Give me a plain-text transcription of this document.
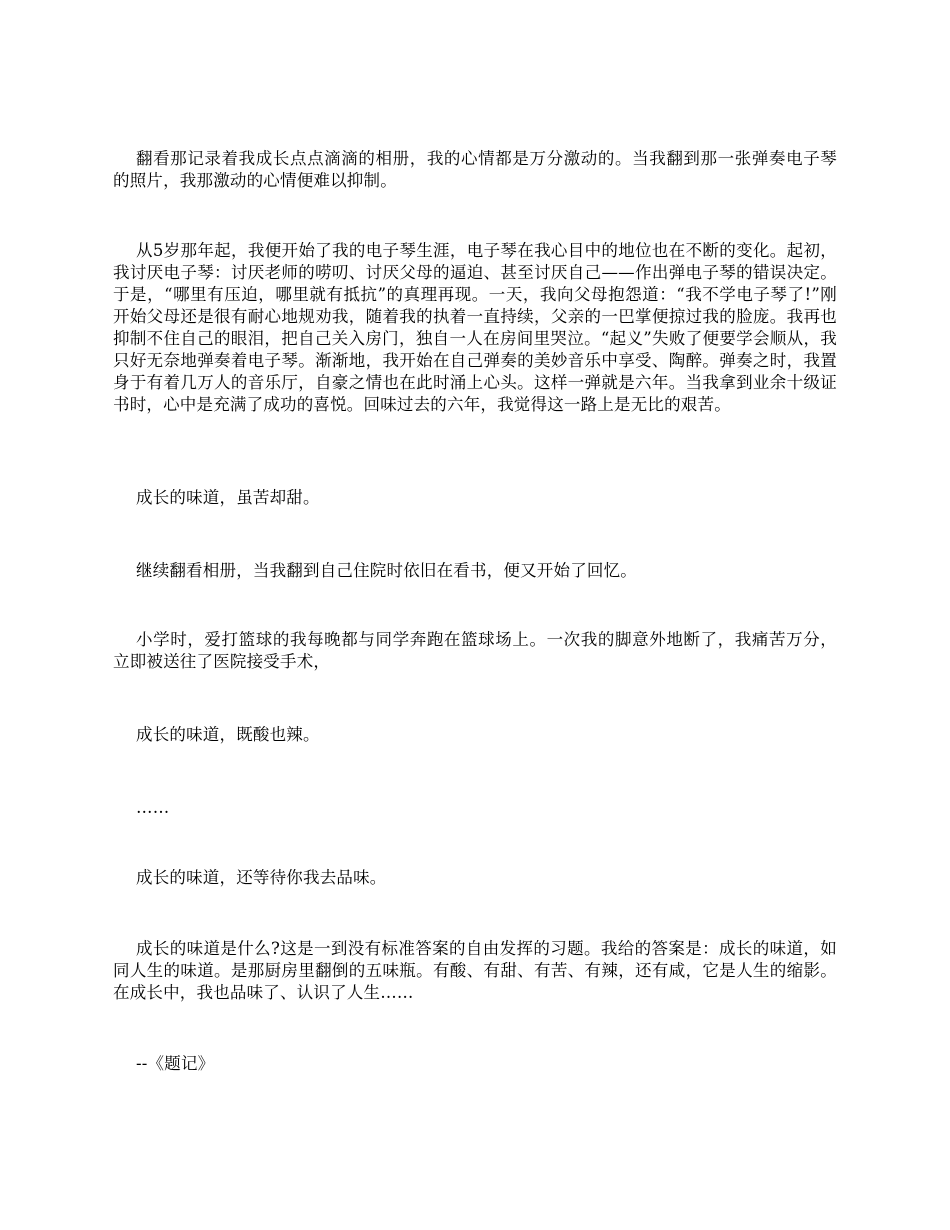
翻看那记录着我成长点点滴滴的相册，我的心情都是万分激动的。当我翻到那一张弹奏电子琴的照片，我那激动的心情便难以抑制。

从5岁那年起，我便开始了我的电子琴生涯，电子琴在我心目中的地位也在不断的变化。起初，我讨厌电子琴：讨厌老师的唠叨、讨厌父母的逼迫、甚至讨厌自己——作出弹电子琴的错误决定。于是，“哪里有压迫，哪里就有抵抗”的真理再现。一天，我向父母抱怨道：“我不学电子琴了!”刚开始父母还是很有耐心地规劝我，随着我的执着一直持续，父亲的一巴掌便掠过我的脸庞。我再也抑制不住自己的眼泪，把自己关入房门，独自一人在房间里哭泣。“起义”失败了便要学会顺从，我只好无奈地弹奏着电子琴。渐渐地，我开始在自己弹奏的美妙音乐中享受、陶醉。弹奏之时，我置身于有着几万人的音乐厅，自豪之情也在此时涌上心头。这样一弹就是六年。当我拿到业余十级证书时，心中是充满了成功的喜悦。回味过去的六年，我觉得这一路上是无比的艰苦。

成长的味道，虽苦却甜。

继续翻看相册，当我翻到自己住院时依旧在看书，便又开始了回忆。

小学时，爱打篮球的我每晚都与同学奔跑在篮球场上。一次我的脚意外地断了，我痛苦万分，立即被送往了医院接受手术，

成长的味道，既酸也辣。

……

成长的味道，还等待你我去品味。

成长的味道是什么?这是一到没有标准答案的自由发挥的习题。我给的答案是：成长的味道，如同人生的味道。是那厨房里翻倒的五味瓶。有酸、有甜、有苦、有辣，还有咸，它是人生的缩影。在成长中，我也品味了、认识了人生……

--《题记》
